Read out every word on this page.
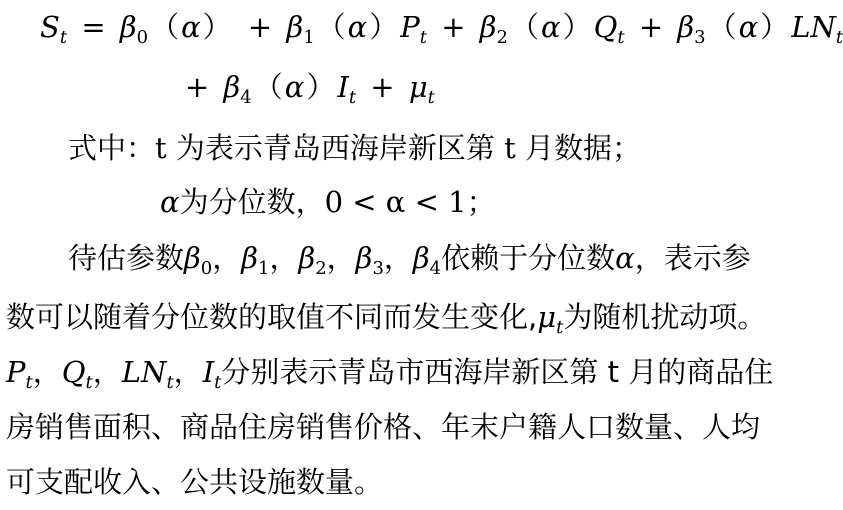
$S_t = \beta 0(\alpha) + \beta 1(\alpha)P_t + \beta 2(\alpha)Q_t + \beta 3(\alpha)LN_t$
+ $\beta 4(\alpha)I_t + \mu_t$
式中：t 为表示青岛西海岸新区第 t 月数据；
α为分位数，0 < α < 1；
待估参数β0，β1，β2，β3，β4依赖于分位数α，表示参
数可以随着分位数的取值不同而发生变化$,\mu_t$为随机扰动项。
$P_t$，$Q_t$，$LN_t$，$I_t$分别表示青岛市西海岸新区第 t 月的商品住
房销售面积、商品住房销售价格、年末户籍人口数量、人均
可支配收入、公共设施数量。
